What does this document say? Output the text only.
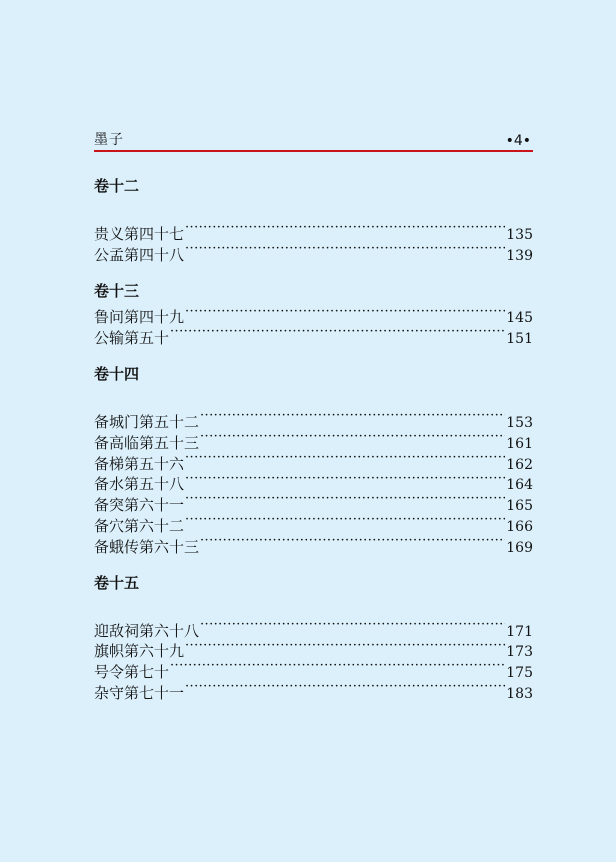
墨子	•4•
卷十二
贵义第四十七 ·····	135
公孟第四十八 ·····	139
卷十三
鲁问第四十九 ·····	145
公输第五十 ·····	151
卷十四
备城门第五十二 ·····	153
备高临第五十三 ·····	161
备梯第五十六 ·····	162
备水第五十八 ·····	164
备突第六十一 ·····	165
备穴第六十二 ·····	166
备蛾传第六十三 ·····	169
卷十五
迎敌祠第六十八 ·····	171
旗帜第六十九 ·····	173
号令第七十 ·····	175
杂守第七十一 ·····	183
